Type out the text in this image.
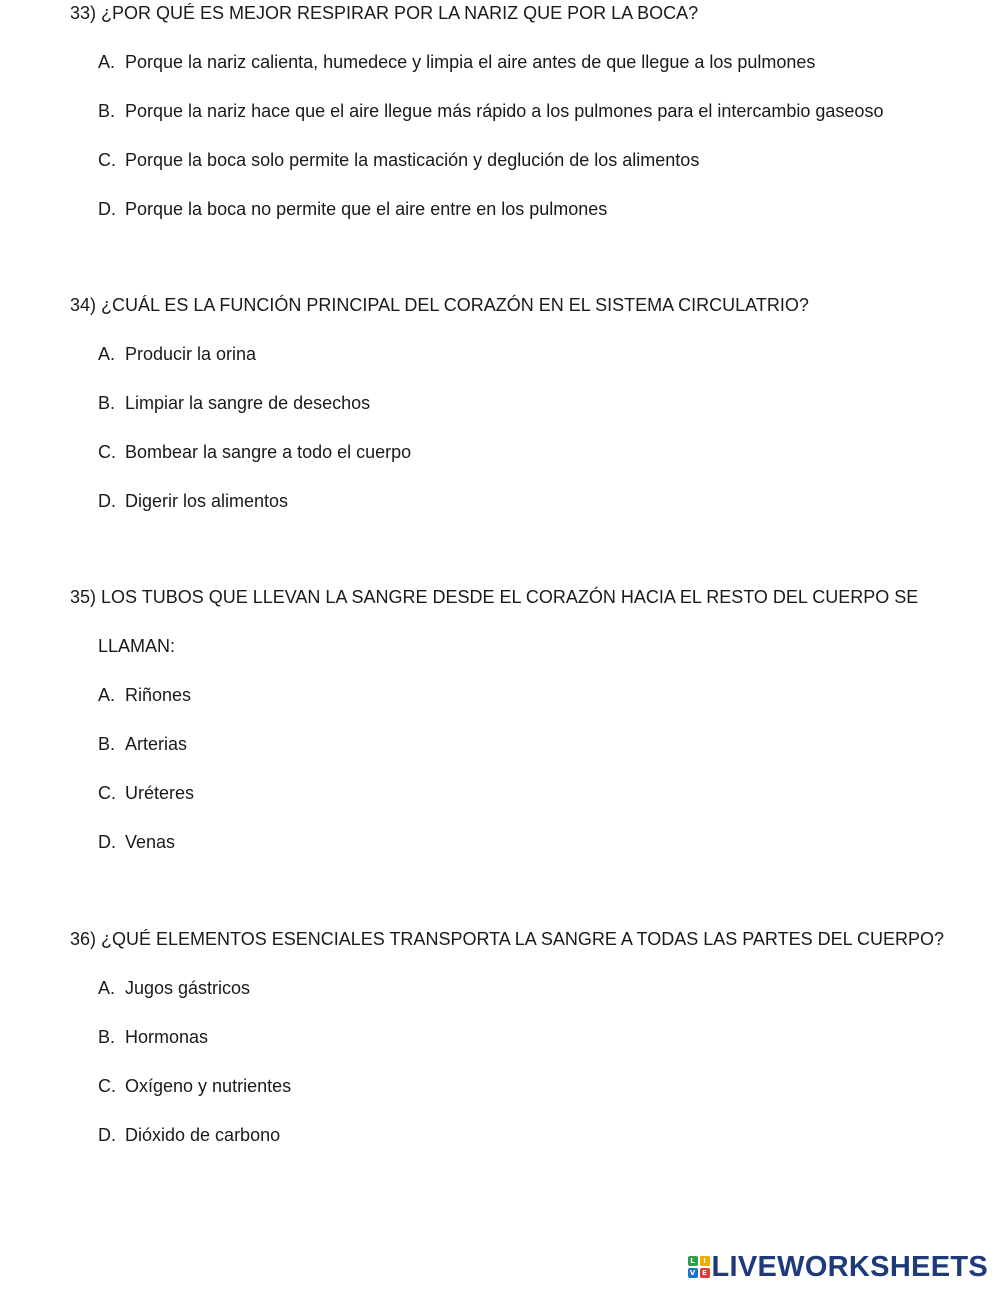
33) ¿POR QUÉ ES MEJOR RESPIRAR POR LA NARIZ QUE POR LA BOCA?

A. Porque la nariz calienta, humedece y limpia el aire antes de que llegue a los pulmones
B. Porque la nariz hace que el aire llegue más rápido a los pulmones para el intercambio gaseoso
C. Porque la boca solo permite la masticación y deglución de los alimentos
D. Porque la boca no permite que el aire entre en los pulmones

34) ¿CUÁL ES LA FUNCIÓN PRINCIPAL DEL CORAZÓN EN EL SISTEMA CIRCULATRIO?

A. Producir la orina
B. Limpiar la sangre de desechos
C. Bombear la sangre a todo el cuerpo
D. Digerir los alimentos

35) LOS TUBOS QUE LLEVAN LA SANGRE DESDE EL CORAZÓN HACIA EL RESTO DEL CUERPO SE

LLAMAN:
A. Riñones
B. Arterias
C. Uréteres
D. Venas

36) ¿QUÉ ELEMENTOS ESENCIALES TRANSPORTA LA SANGRE A TODAS LAS PARTES DEL CUERPO?

A. Jugos gástricos
B. Hormonas
C. Oxígeno y nutrientes
D. Dióxido de carbono
L	I
V E LIVEWORKSHEETS
